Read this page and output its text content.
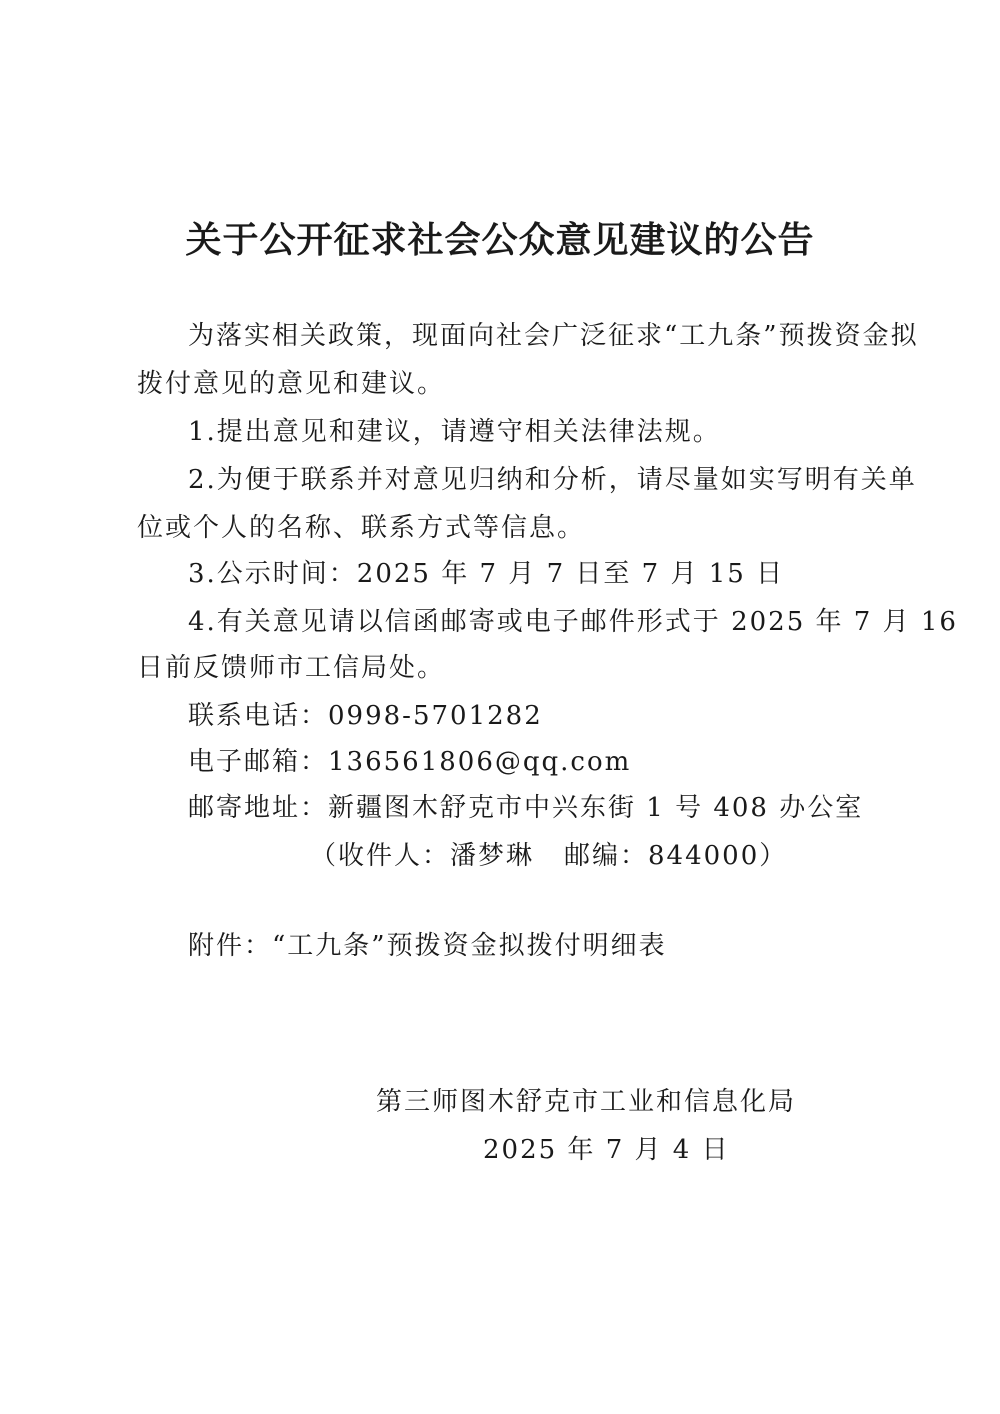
关于公开征求社会公众意见建议的公告
为落实相关政策，现面向社会广泛征求“工九条”预拨资金拟
拨付意见的意见和建议。
1.提出意见和建议，请遵守相关法律法规。
2.为便于联系并对意见归纳和分析，请尽量如实写明有关单
位或个人的名称、联系方式等信息。
3.公示时间：2025 年 7 月 7 日至 7 月 15 日
4.有关意见请以信函邮寄或电子邮件形式于 2025 年 7 月 16
日前反馈师市工信局处。
联系电话：0998-5701282
电子邮箱：136561806@qq.com
邮寄地址：新疆图木舒克市中兴东街 1 号 408 办公室
（收件人：潘梦琳 邮编：844000）
附件：“工九条”预拨资金拟拨付明细表
第三师图木舒克市工业和信息化局
2025 年 7 月 4 日
